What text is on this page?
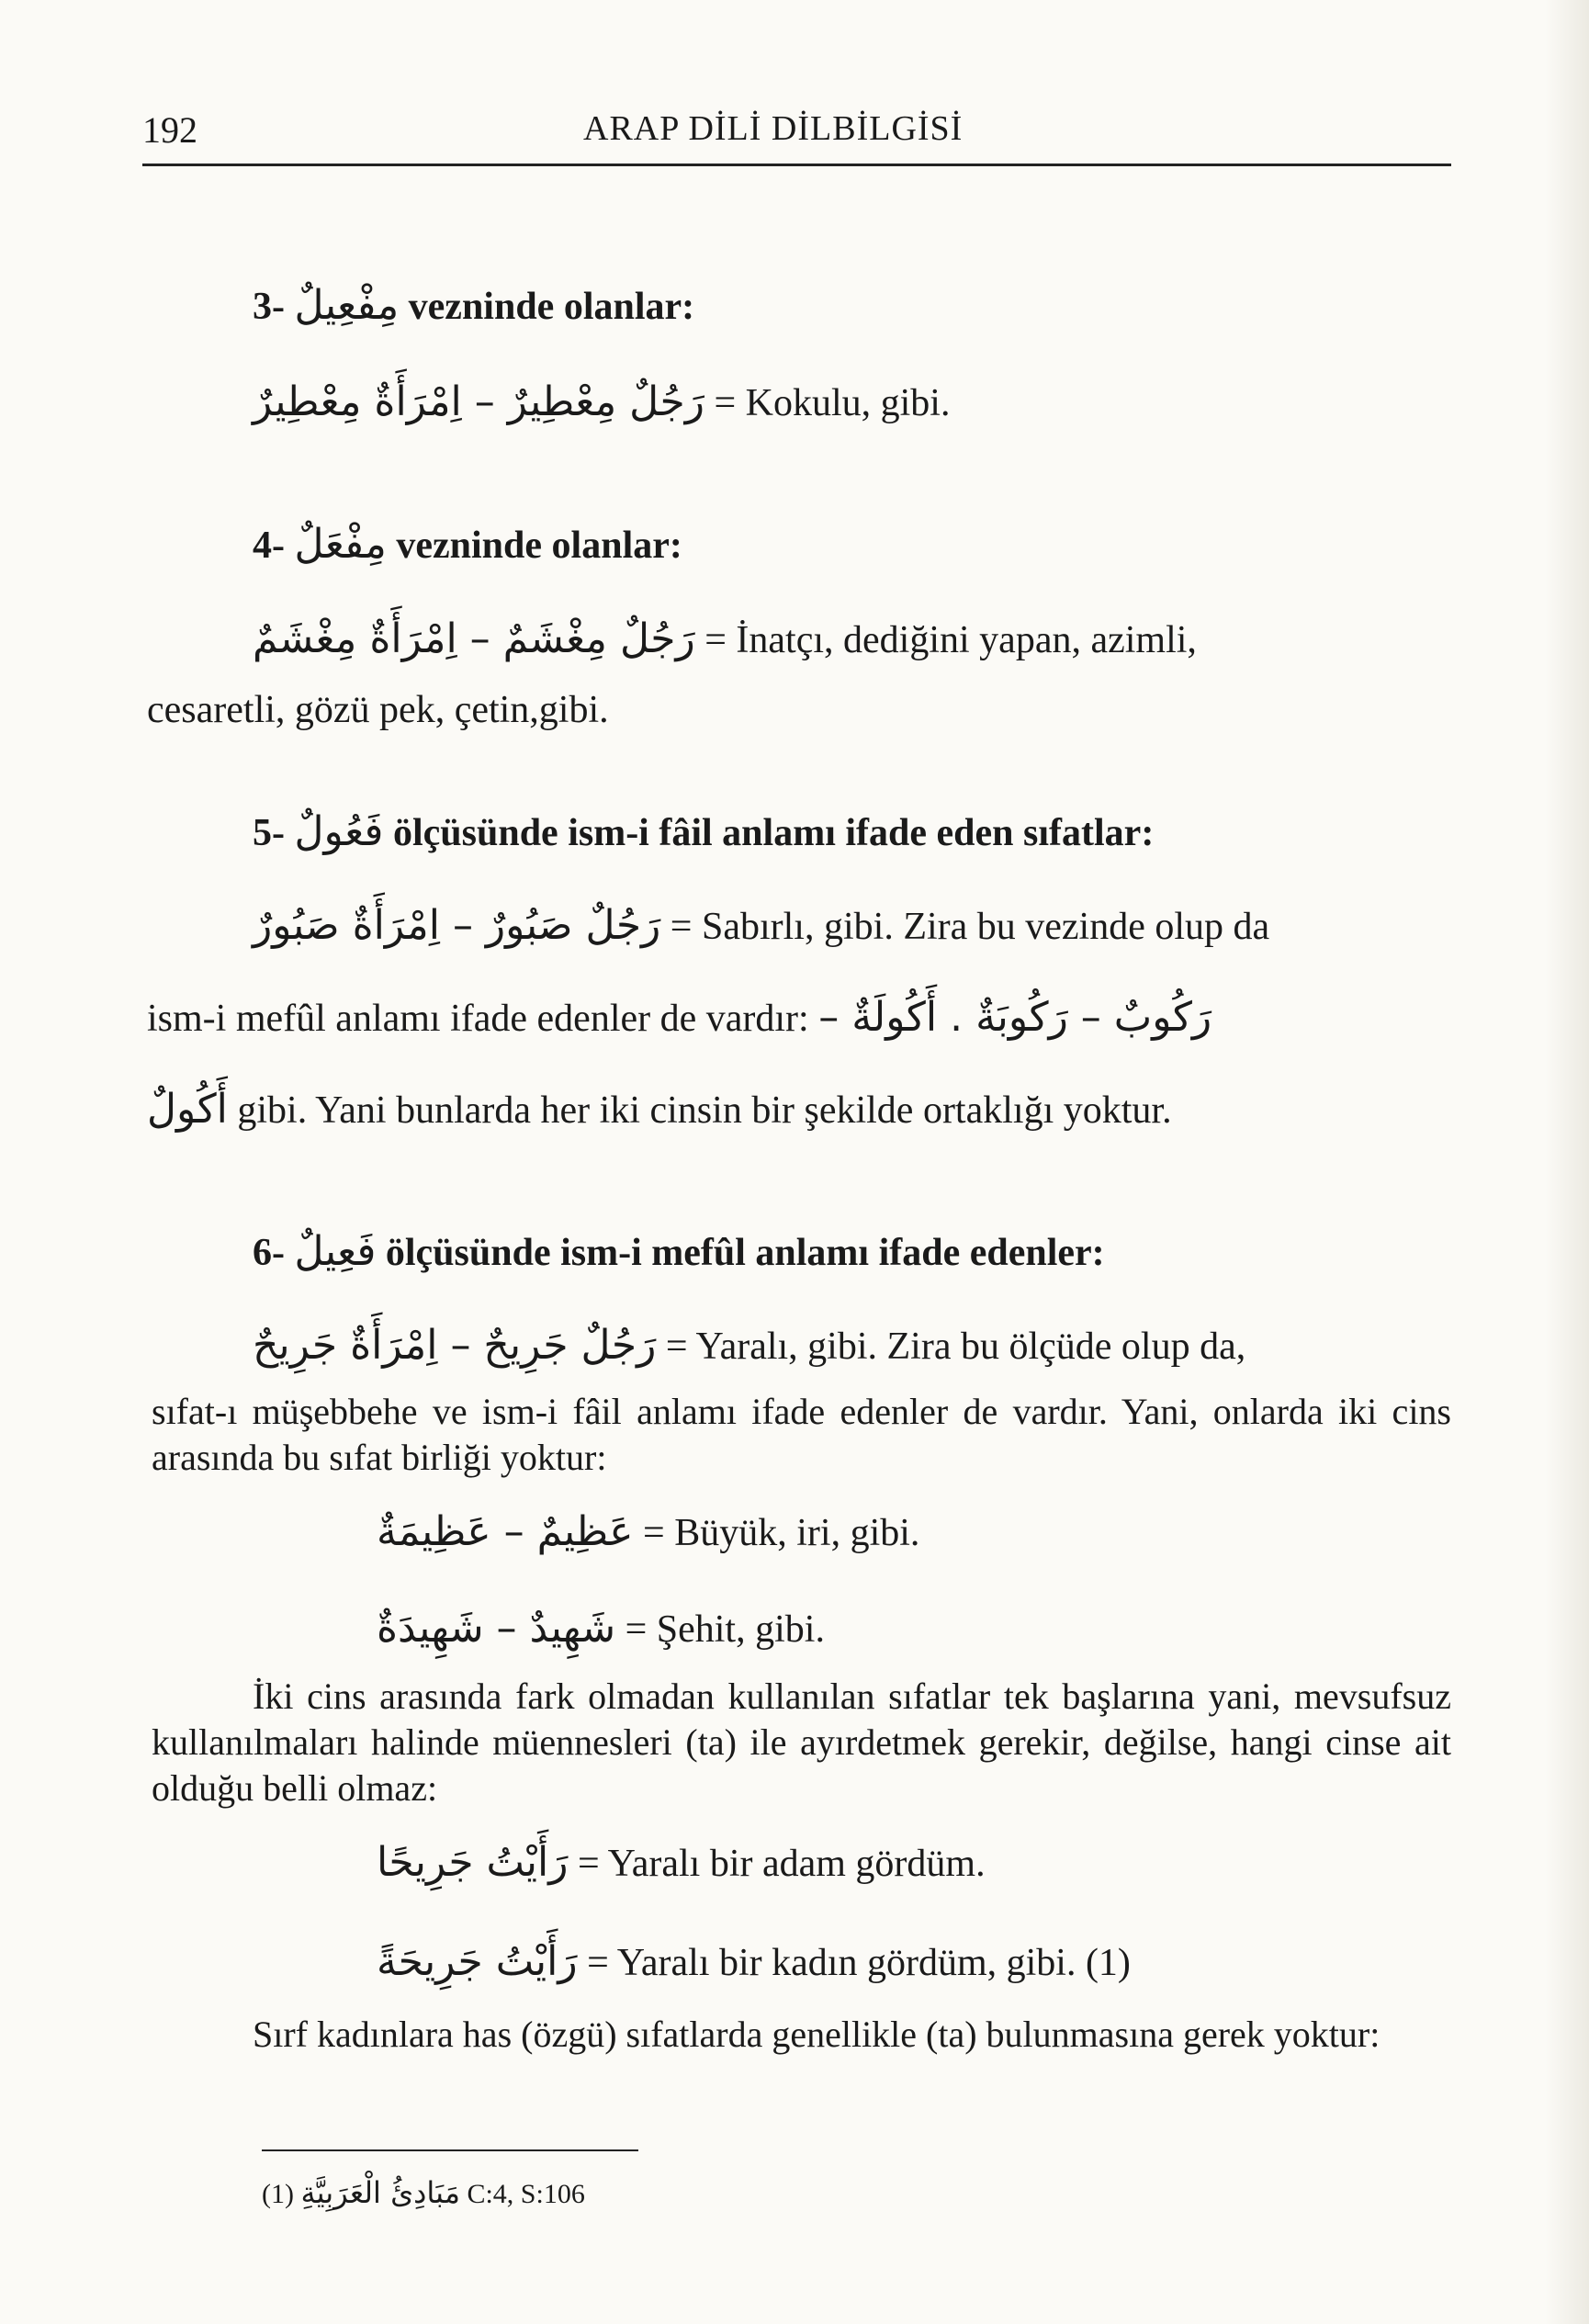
192	ARAP DİLİ DİLBİLGİSİ
3- مِفْعِيلٌ vezninde olanlar:
رَجُلٌ مِعْطِيرٌ – اِمْرَأَةٌ مِعْطِيرٌ = Kokulu, gibi.
4- مِفْعَلٌ vezninde olanlar:
رَجُلٌ مِغْشَمٌ – اِمْرَأَةٌ مِغْشَمٌ = İnatçı, dediğini yapan, azimli,
cesaretli, gözü pek, çetin,gibi.
5- فَعُولٌ ölçüsünde ism-i fâil anlamı ifade eden sıfatlar:
رَجُلٌ صَبُورٌ – اِمْرَأَةٌ صَبُورٌ = Sabırlı, gibi. Zira bu vezinde olup da
ism-i mefûl anlamı ifade edenler de vardır: رَكُوبٌ – رَكُوبَةٌ . أَكُولَةٌ –
أَكُولٌ gibi. Yani bunlarda her iki cinsin bir şekilde ortaklığı yoktur.
6- فَعِيلٌ ölçüsünde ism-i mefûl anlamı ifade edenler:
رَجُلٌ جَرِيحٌ – اِمْرَأَةٌ جَرِيحٌ = Yaralı, gibi. Zira bu ölçüde olup da,
sıfat-ı müşebbehe ve ism-i fâil anlamı ifade edenler de vardır. Yani, onlarda iki cins arasında bu sıfat birliği yoktur:
عَظِيمٌ – عَظِيمَةٌ = Büyük, iri, gibi.
شَهِيدٌ – شَهِيدَةٌ = Şehit, gibi.
İki cins arasında fark olmadan kullanılan sıfatlar tek başlarına yani, mevsufsuz kullanılmaları halinde müennesleri (ta) ile ayırdetmek gerekir, değilse, hangi cinse ait olduğu belli olmaz:
رَأَيْتُ جَرِيحًا = Yaralı bir adam gördüm.
رَأَيْتُ جَرِيحَةً = Yaralı bir kadın gördüm, gibi. (1)
Sırf kadınlara has (özgü) sıfatlarda genellikle (ta) bulunmasına gerek yoktur:
(1) مَبَادِئُ الْعَرَبِيَّةِ C:4, S:106
